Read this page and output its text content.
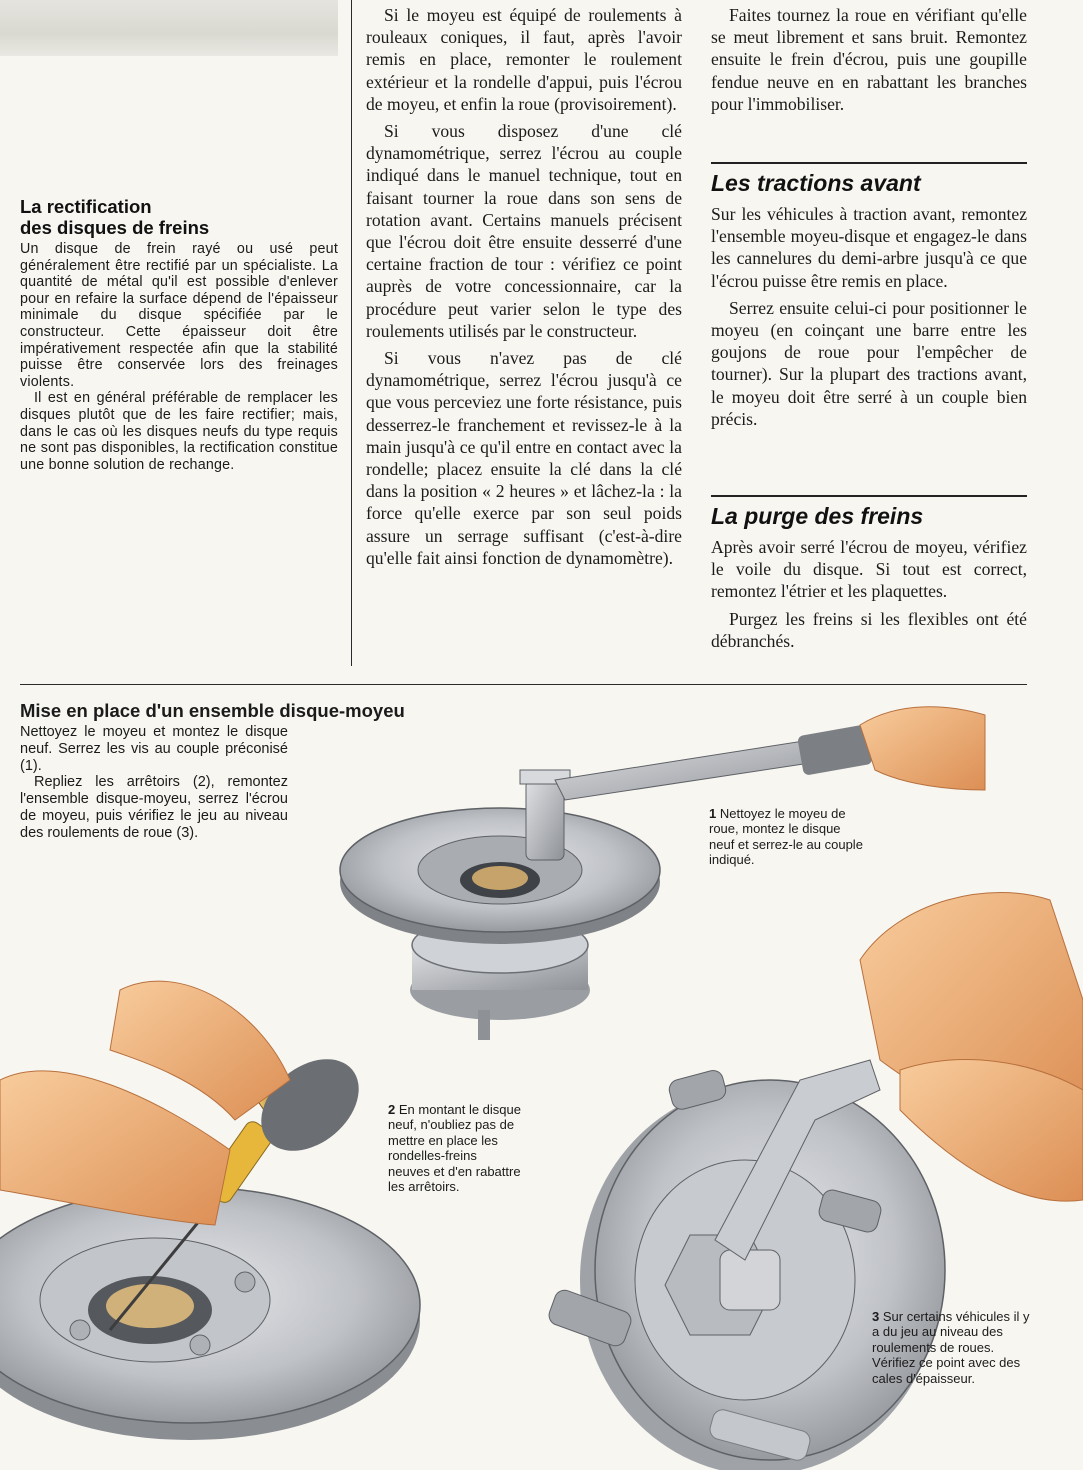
La rectification
des disques de freins

Un disque de frein rayé ou usé peut généralement être rectifié par un spécialiste. La quantité de métal qu'il est possible d'enlever pour en refaire la surface dépend de l'épaisseur minimale du disque spécifiée par le constructeur. Cette épaisseur doit être impérativement respectée afin que la stabilité puisse être conservée lors des freinages violents.

Il est en général préférable de remplacer les disques plutôt que de les faire rectifier; mais, dans le cas où les disques neufs du type requis ne sont pas disponibles, la rectification constitue une bonne solution de rechange.

Si le moyeu est équipé de roulements à rouleaux coniques, il faut, après l'avoir remis en place, remonter le roulement extérieur et la rondelle d'appui, puis l'écrou de moyeu, et enfin la roue (provisoirement).

Si vous disposez d'une clé dynamométrique, serrez l'écrou au couple indiqué dans le manuel technique, tout en faisant tourner la roue dans son sens de rotation avant. Certains manuels précisent que l'écrou doit être ensuite desserré d'une certaine fraction de tour : vérifiez ce point auprès de votre concessionnaire, car la procédure peut varier selon le type des roulements utilisés par le constructeur.

Si vous n'avez pas de clé dynamométrique, serrez l'écrou jusqu'à ce que vous perceviez une forte résistance, puis desserrez-le franchement et revissez-le à la main jusqu'à ce qu'il entre en contact avec la rondelle; placez ensuite la clé dans la clé dans la position « 2 heures » et lâchez-la : la force qu'elle exerce par son seul poids assure un serrage suffisant (c'est-à-dire qu'elle fait ainsi fonction de dynamomètre).

Faites tournez la roue en vérifiant qu'elle se meut librement et sans bruit. Remontez ensuite le frein d'écrou, puis une goupille fendue neuve en en rabattant les branches pour l'immobiliser.

Les tractions avant

Sur les véhicules à traction avant, remontez l'ensemble moyeu-disque et engagez-le dans les cannelures du demi-arbre jusqu'à ce que l'écrou puisse être remis en place.

Serrez ensuite celui-ci pour positionner le moyeu (en coinçant une barre entre les goujons de roue pour l'empêcher de tourner). Sur la plupart des tractions avant, le moyeu doit être serré à un couple bien précis.

La purge des freins

Après avoir serré l'écrou de moyeu, vérifiez le voile du disque. Si tout est correct, remontez l'étrier et les plaquettes.

Purgez les freins si les flexibles ont été débranchés.

Mise en place d'un ensemble disque-moyeu

Nettoyez le moyeu et montez le disque neuf. Serrez les vis au couple préconisé (1).

Repliez les arrêtoirs (2), remontez l'ensemble disque-moyeu, serrez l'écrou de moyeu, puis vérifiez le jeu au niveau des roulements de roue (3).

1 Nettoyez le moyeu de roue, montez le disque neuf et serrez-le au couple indiqué.
2 En montant le disque neuf, n'oubliez pas de mettre en place les rondelles-freins neuves et d'en rabattre les arrêtoirs.
3 Sur certains véhicules il y a du jeu au niveau des roulements de roues. Vérifiez ce point avec des cales d'épaisseur.
